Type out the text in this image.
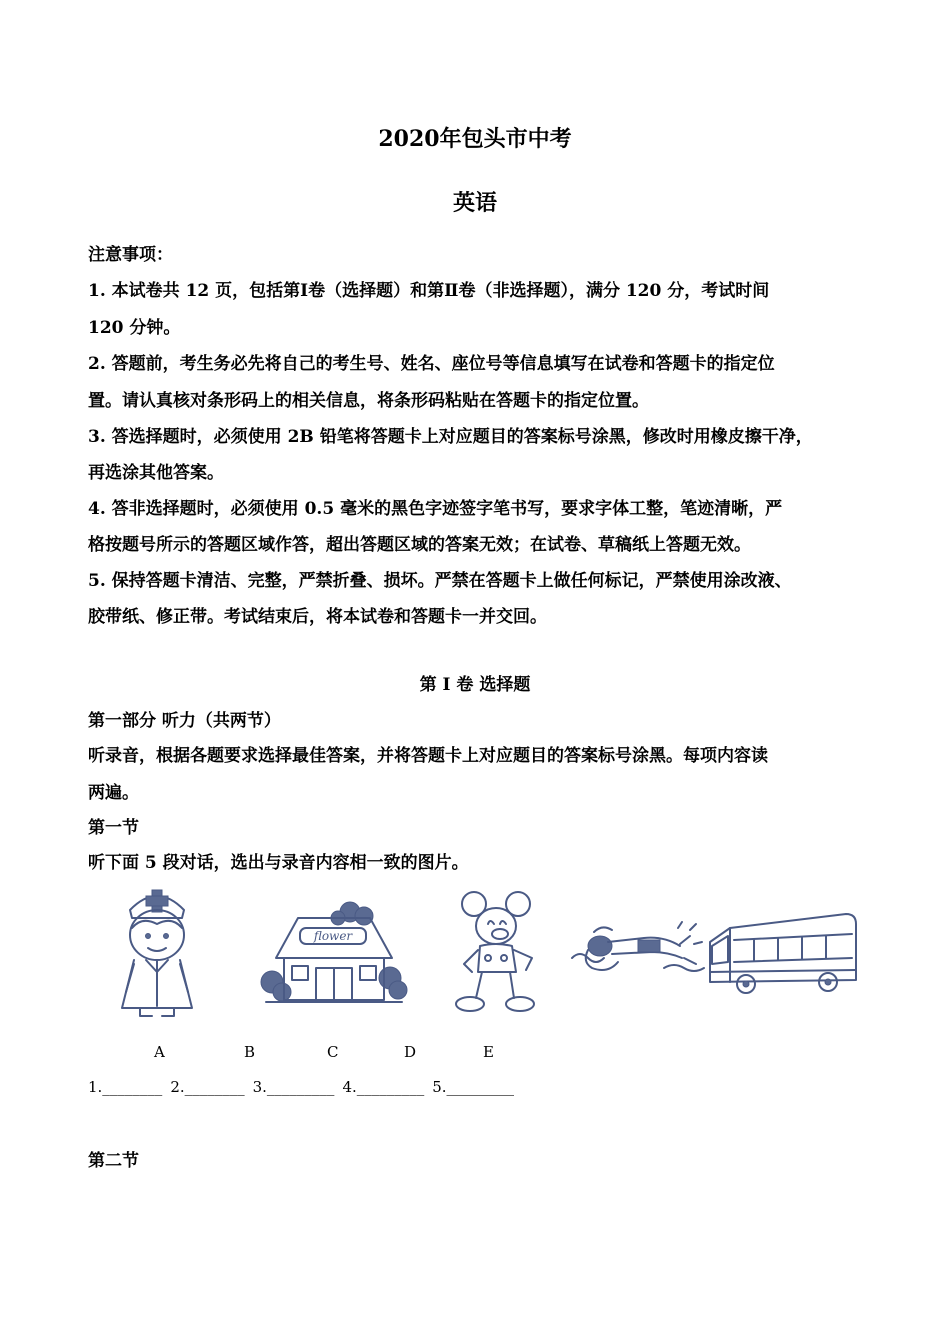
2020年包头市中考
英语
注意事项：
1. 本试卷共 12 页，包括第Ⅰ卷（选择题）和第Ⅱ卷（非选择题），满分 120 分，考试时间
120 分钟。
2. 答题前，考生务必先将自己的考生号、姓名、座位号等信息填写在试卷和答题卡的指定位
置。请认真核对条形码上的相关信息，将条形码粘贴在答题卡的指定位置。
3. 答选择题时，必须使用 2B 铅笔将答题卡上对应题目的答案标号涂黑，修改时用橡皮擦干净，
再选涂其他答案。
4. 答非选择题时，必须使用 0.5 毫米的黑色字迹签字笔书写，要求字体工整，笔迹清晰，严
格按题号所示的答题区域作答，超出答题区域的答案无效；在试卷、草稿纸上答题无效。
5. 保持答题卡清洁、完整，严禁折叠、损坏。严禁在答题卡上做任何标记，严禁使用涂改液、
胶带纸、修正带。考试结束后，将本试卷和答题卡一并交回。
第 I 卷 选择题
第一部分 听力（共两节）
听录音，根据各题要求选择最佳答案，并将答题卡上对应题目的答案标号涂黑。每项内容读
两遍。
第一节
听下面 5 段对话，选出与录音内容相一致的图片。
flower
A	B	C	D	E
1.________ 2.________ 3._________ 4._________ 5._________
第二节
